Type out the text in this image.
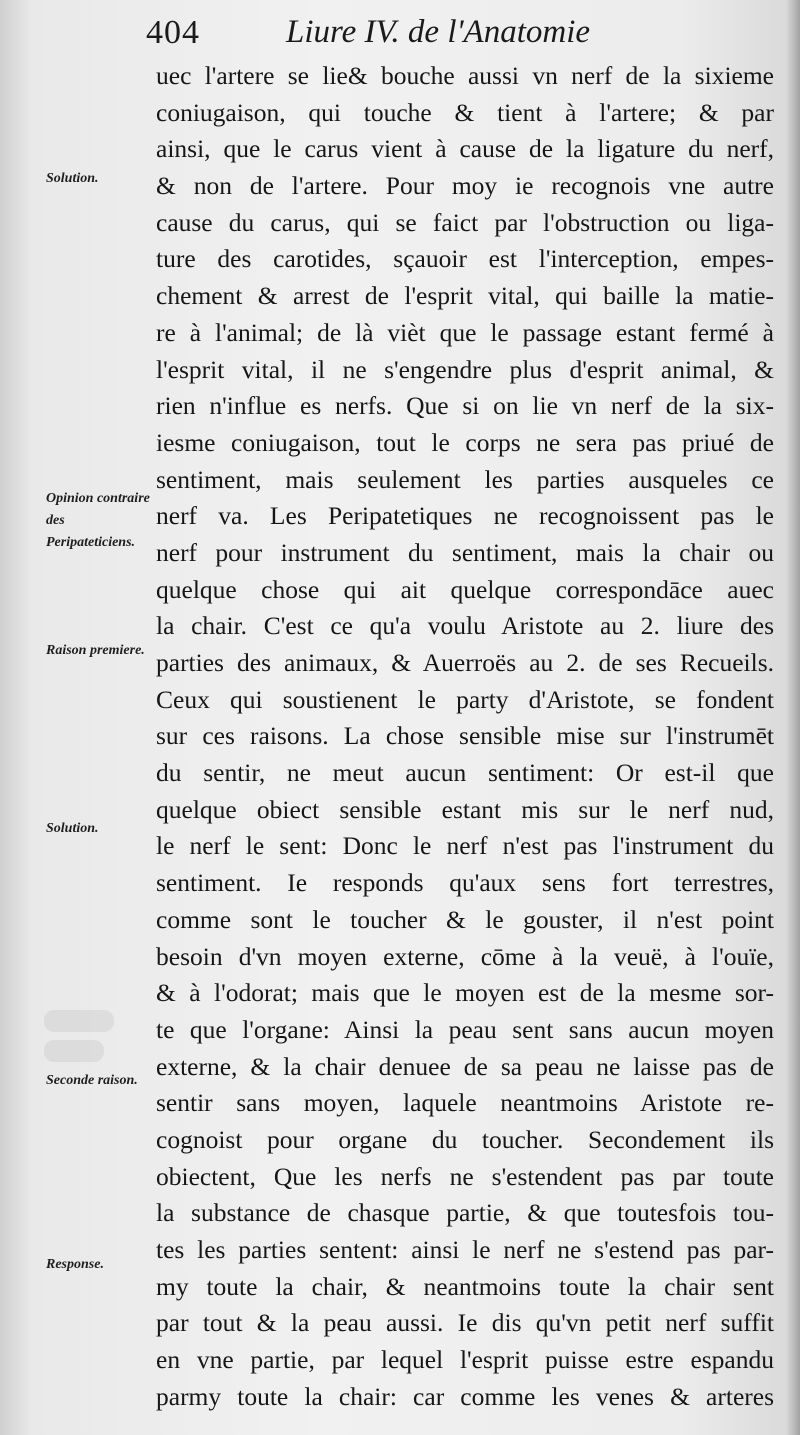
404	Liure IV. de l'Anatomie
Solution.
Opinion contraire des Peripateticiens.
Raison premiere.
Solution.
Seconde raison.
Response.
uec l'artere se lie& bouche aussi vn nerf de la sixieme
coniugaison, qui touche & tient à l'artere; & par
ainsi, que le carus vient à cause de la ligature du nerf,
& non de l'artere. Pour moy ie recognois vne autre
cause du carus, qui se faict par l'obstruction ou liga-
ture des carotides, sçauoir est l'interception, empes-
chement & arrest de l'esprit vital, qui baille la matie-
re à l'animal; de là vièt que le passage estant fermé à
l'esprit vital, il ne s'engendre plus d'esprit animal, &
rien n'influe es nerfs. Que si on lie vn nerf de la six-
iesme coniugaison, tout le corps ne sera pas priué de
sentiment, mais seulement les parties ausqueles ce
nerf va. Les Peripatetiques ne recognoissent pas le
nerf pour instrument du sentiment, mais la chair ou
quelque chose qui ait quelque correspondāce auec
la chair. C'est ce qu'a voulu Aristote au 2. liure des
parties des animaux, & Auerroës au 2. de ses Recueils.
Ceux qui soustienent le party d'Aristote, se fondent
sur ces raisons. La chose sensible mise sur l'instrumēt
du sentir, ne meut aucun sentiment: Or est-il que
quelque obiect sensible estant mis sur le nerf nud,
le nerf le sent: Donc le nerf n'est pas l'instrument du
sentiment. Ie responds qu'aux sens fort terrestres,
comme sont le toucher & le gouster, il n'est point
besoin d'vn moyen externe, cōme à la veuë, à l'ouïe,
& à l'odorat; mais que le moyen est de la mesme sor-
te que l'organe: Ainsi la peau sent sans aucun moyen
externe, & la chair denuee de sa peau ne laisse pas de
sentir sans moyen, laquele neantmoins Aristote re-
cognoist pour organe du toucher. Secondement ils
obiectent, Que les nerfs ne s'estendent pas par toute
la substance de chasque partie, & que toutesfois tou-
tes les parties sentent: ainsi le nerf ne s'estend pas par-
my toute la chair, & neantmoins toute la chair sent
par tout & la peau aussi. Ie dis qu'vn petit nerf suffit
en vne partie, par lequel l'esprit puisse estre espandu
parmy toute la chair: car comme les venes & arteres
